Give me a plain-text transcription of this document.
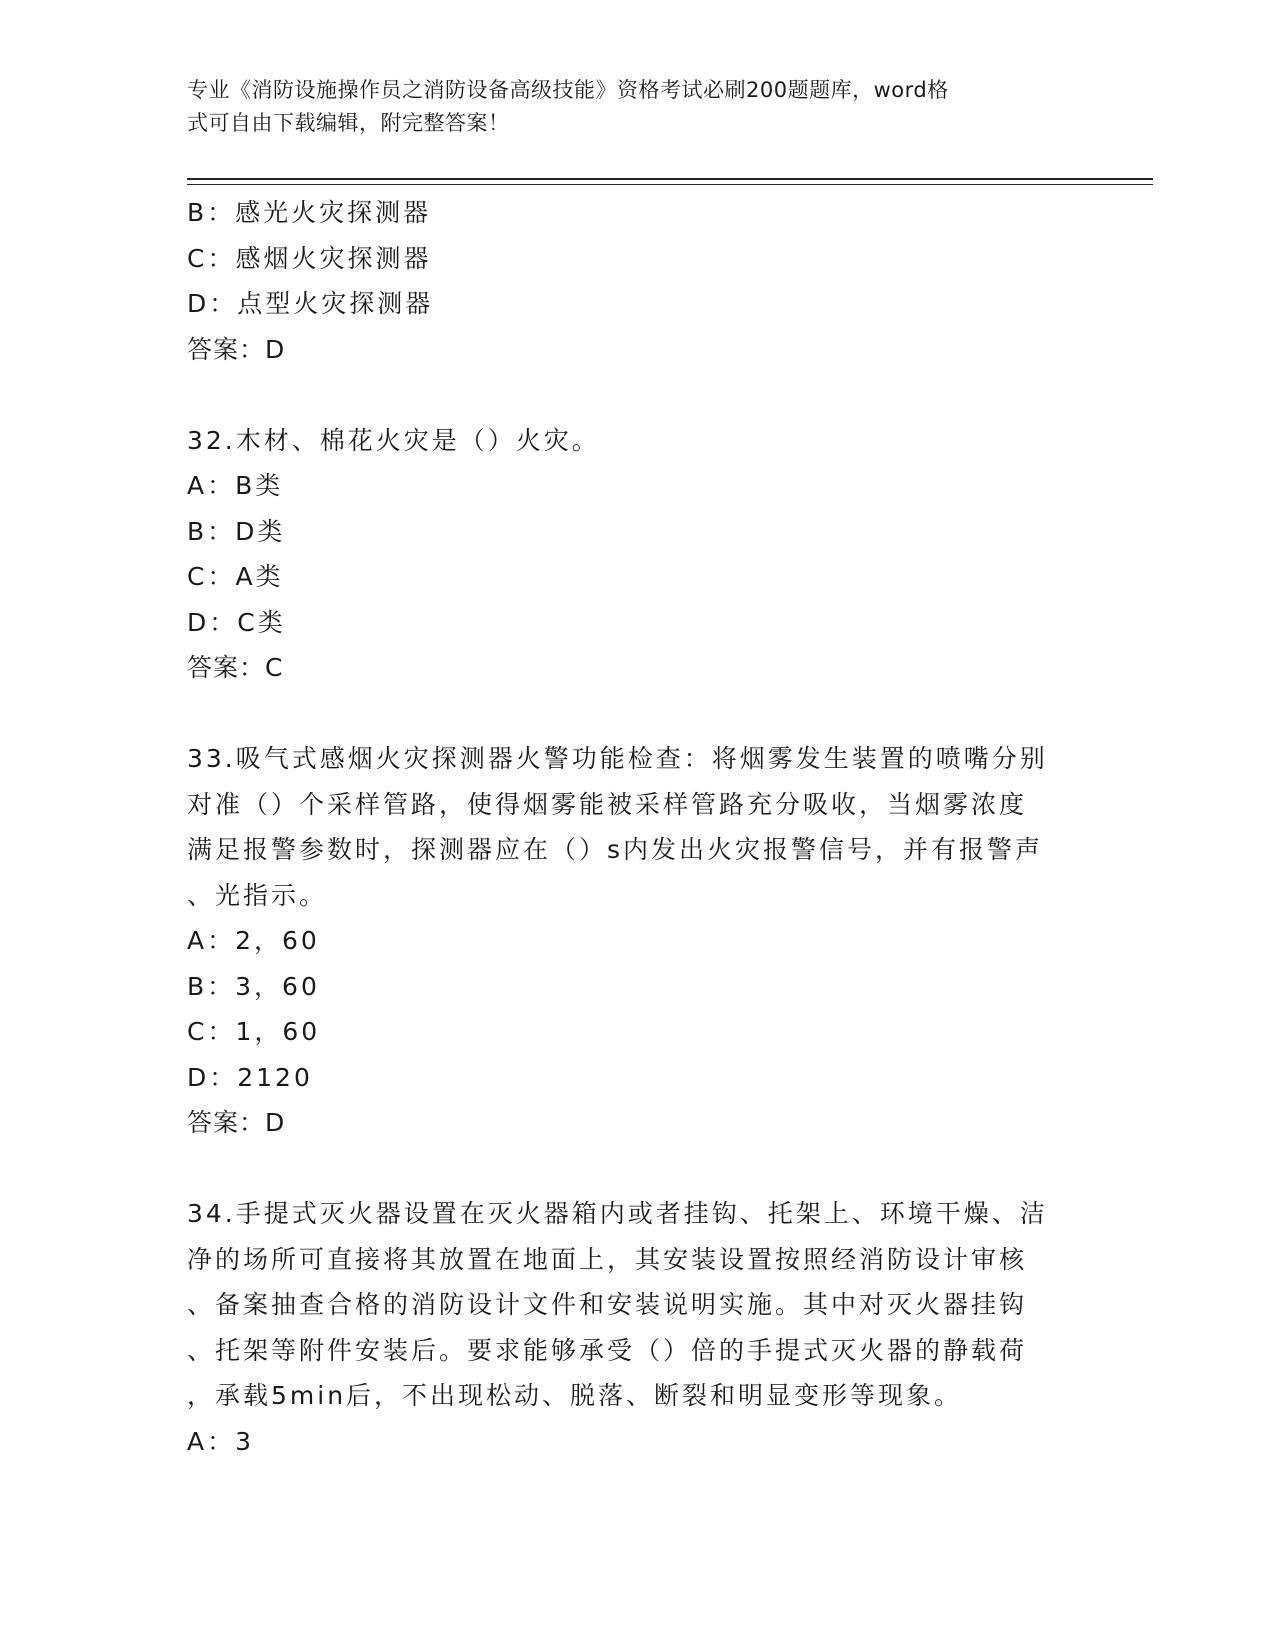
专业《消防设施操作员之消防设备高级技能》资格考试必刷200题题库，word格
式可自由下载编辑，附完整答案！
B：感光火灾探测器
C：感烟火灾探测器
D：点型火灾探测器
答案：D
32.木材、棉花火灾是（）火灾。
A：B类
B：D类
C：A类
D：C类
答案：C
33.吸气式感烟火灾探测器火警功能检查：将烟雾发生装置的喷嘴分别
对准（）个采样管路，使得烟雾能被采样管路充分吸收，当烟雾浓度
满足报警参数时，探测器应在（）s内发出火灾报警信号，并有报警声
、光指示。
A：2，60
B：3，60
C：1，60
D：2120
答案：D
34.手提式灭火器设置在灭火器箱内或者挂钩、托架上、环境干燥、洁
净的场所可直接将其放置在地面上，其安装设置按照经消防设计审核
、备案抽查合格的消防设计文件和安装说明实施。其中对灭火器挂钩
、托架等附件安装后。要求能够承受（）倍的手提式灭火器的静载荷
，承载5min后，不出现松动、脱落、断裂和明显变形等现象。
A：3
